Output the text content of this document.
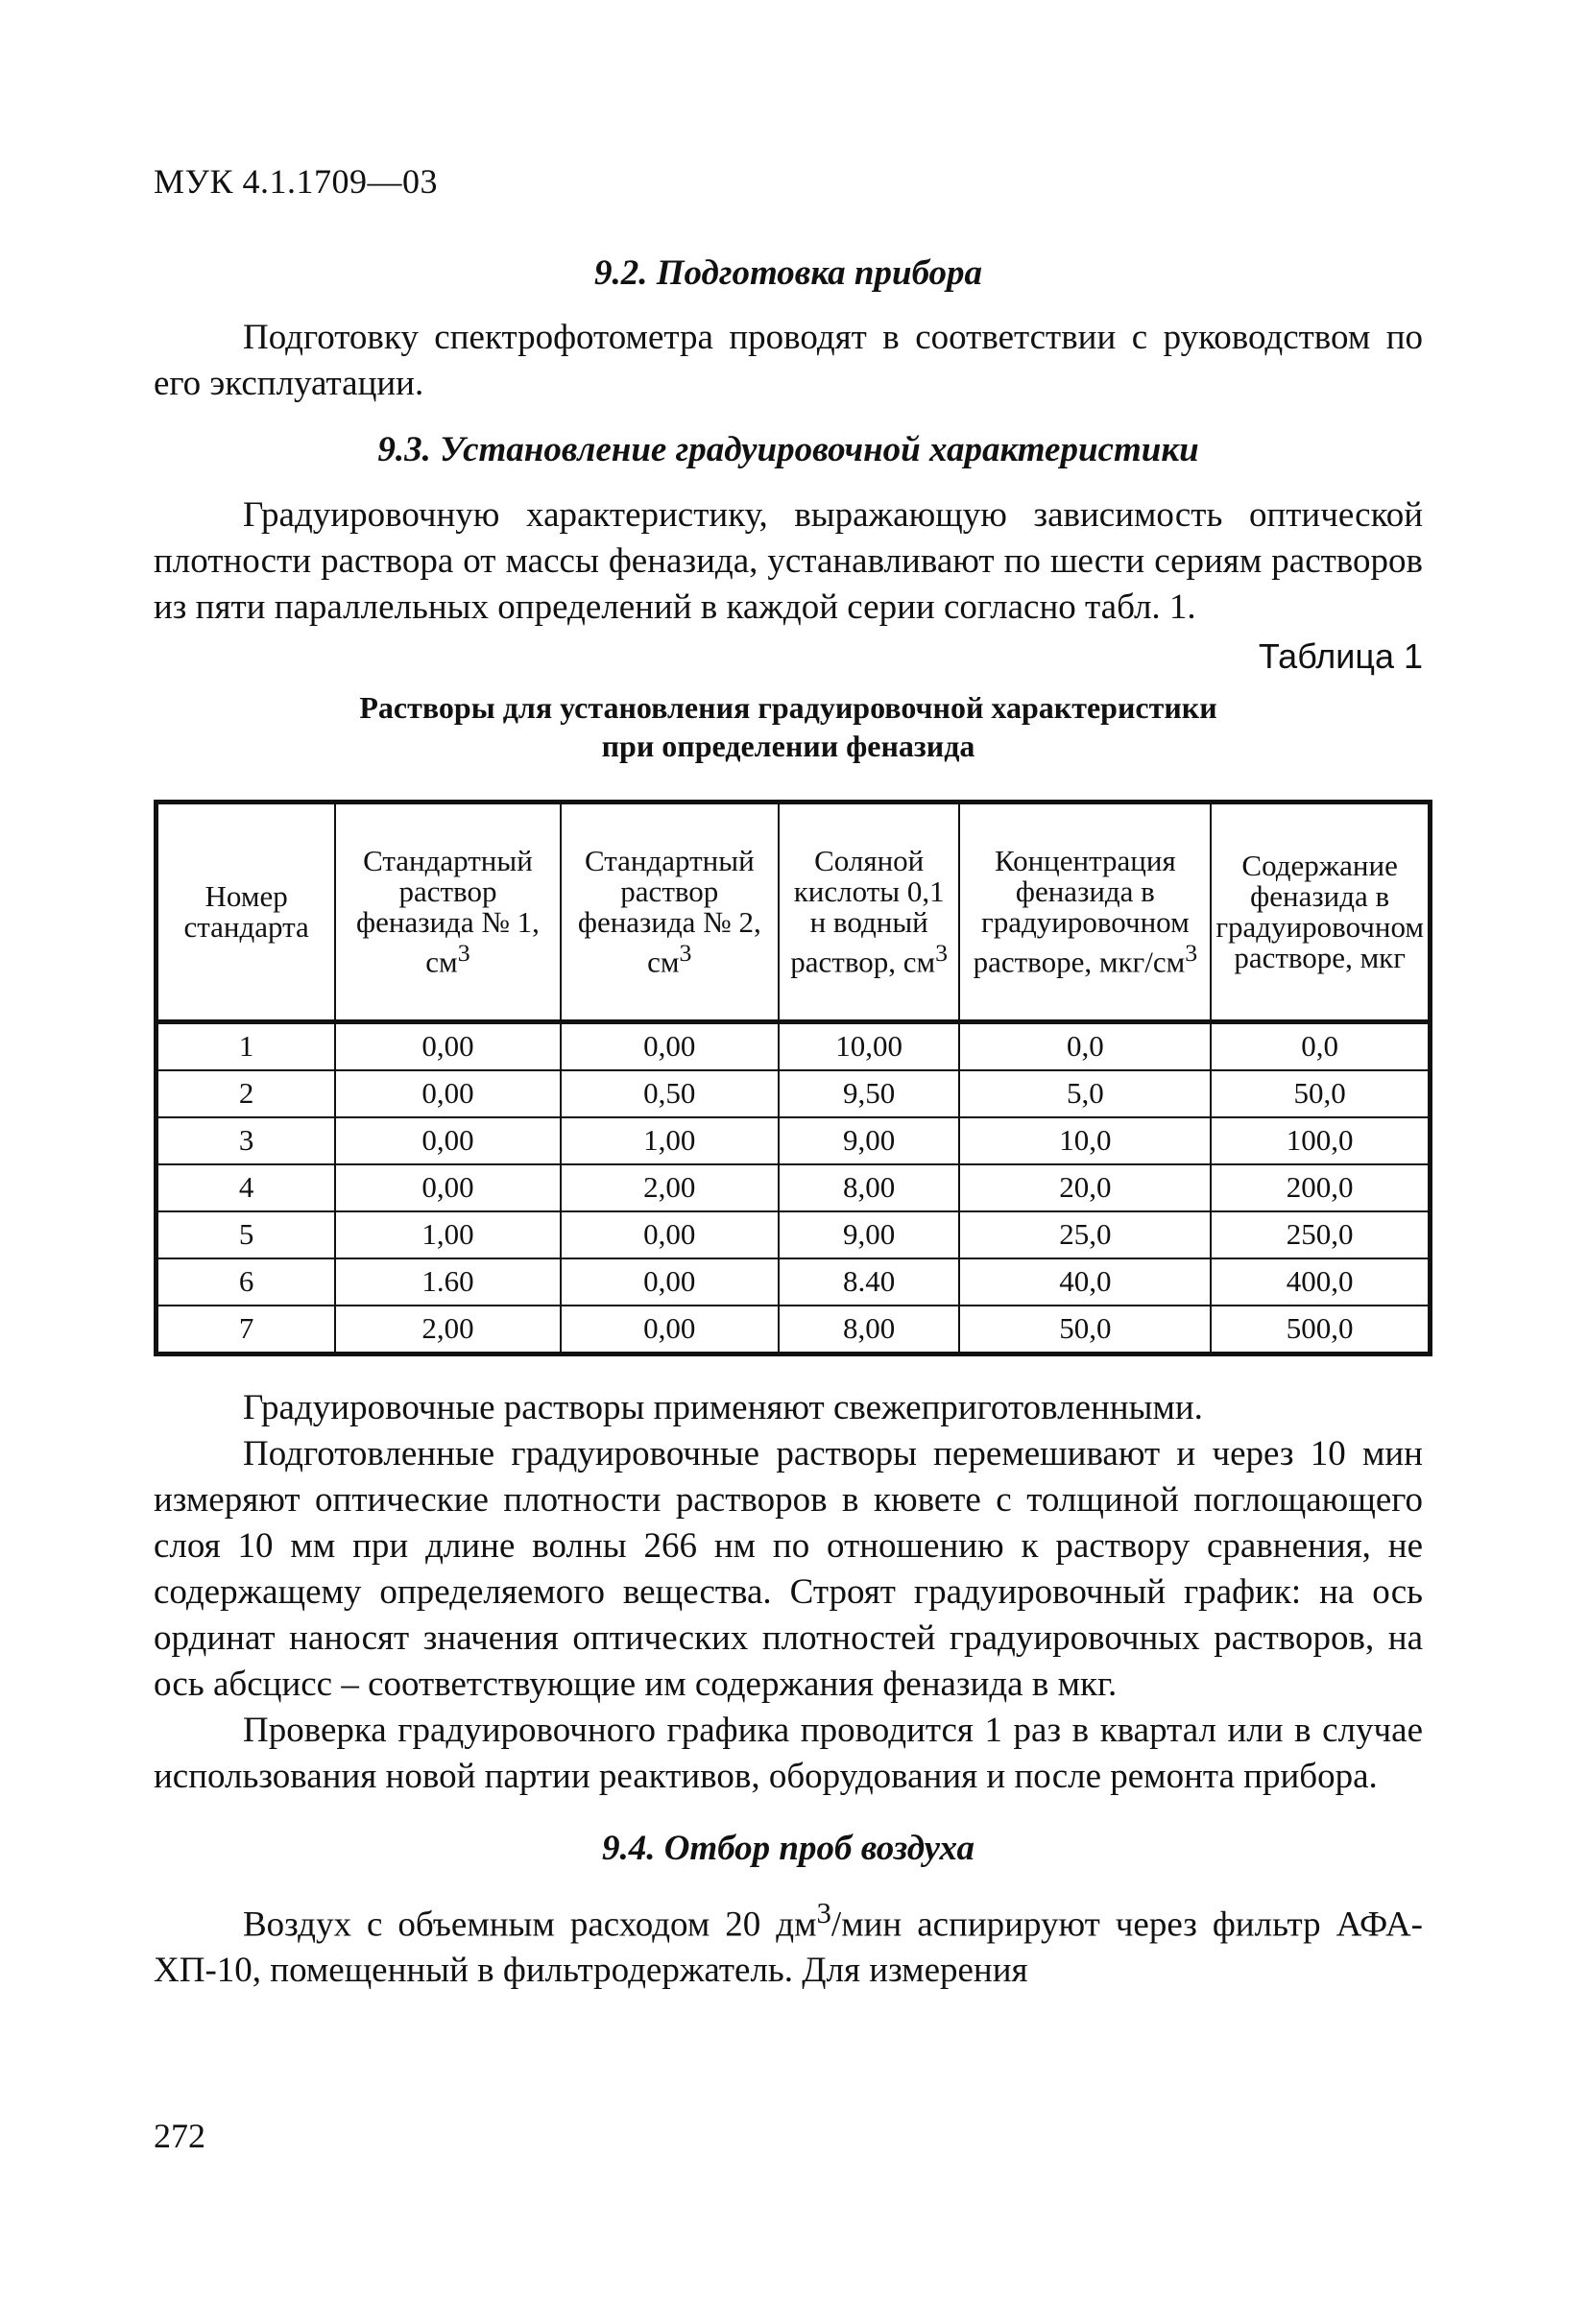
МУК 4.1.1709—03
9.2. Подготовка прибора

Подготовку спектрофотометра проводят в соответствии с руководством по его эксплуатации.

9.3. Установление градуировочной характеристики

Градуировочную характеристику, выражающую зависимость оптической плотности раствора от массы феназида, устанавливают по шести сериям растворов из пяти параллельных определений в каждой серии согласно табл. 1.

Таблица 1

Растворы для установления градуировочной характеристики
при определении феназида
Номер стандарта	Стандартный раствор феназида № 1, $см^3$	Стандартный раствор феназида № 2, $см^3$	Соляной кислоты 0,1 н водный раствор, $см^3$	Концентрация феназида в градуировочном растворе, мкг/$см^3$	Содержание феназида в градуировочном растворе, мкг
1	0,00	0,00	10,00	0,0	0,0
2	0,00	0,50	9,50	5,0	50,0
3	0,00	1,00	9,00	10,0	100,0
4	0,00	2,00	8,00	20,0	200,0
5	1,00	0,00	9,00	25,0	250,0
6	1.60	0,00	8.40	40,0	400,0
7	2,00	0,00	8,00	50,0	500,0

Градуировочные растворы применяют свежеприготовленными.

Подготовленные градуировочные растворы перемешивают и через 10 мин измеряют оптические плотности растворов в кювете с толщиной поглощающего слоя 10 мм при длине волны 266 нм по отношению к раствору сравнения, не содержащему определяемого вещества. Строят градуировочный график: на ось ординат наносят значения оптических плотностей градуировочных растворов, на ось абсцисс – соответствующие им содержания феназида в мкг.

Проверка градуировочного графика проводится 1 раз в квартал или в случае использования новой партии реактивов, оборудования и после ремонта прибора.

9.4. Отбор проб воздуха

Воздух с объемным расходом 20 $дм^3$/мин аспирируют через фильтр АФА-ХП-10, помещенный в фильтродержатель. Для измерения

272
